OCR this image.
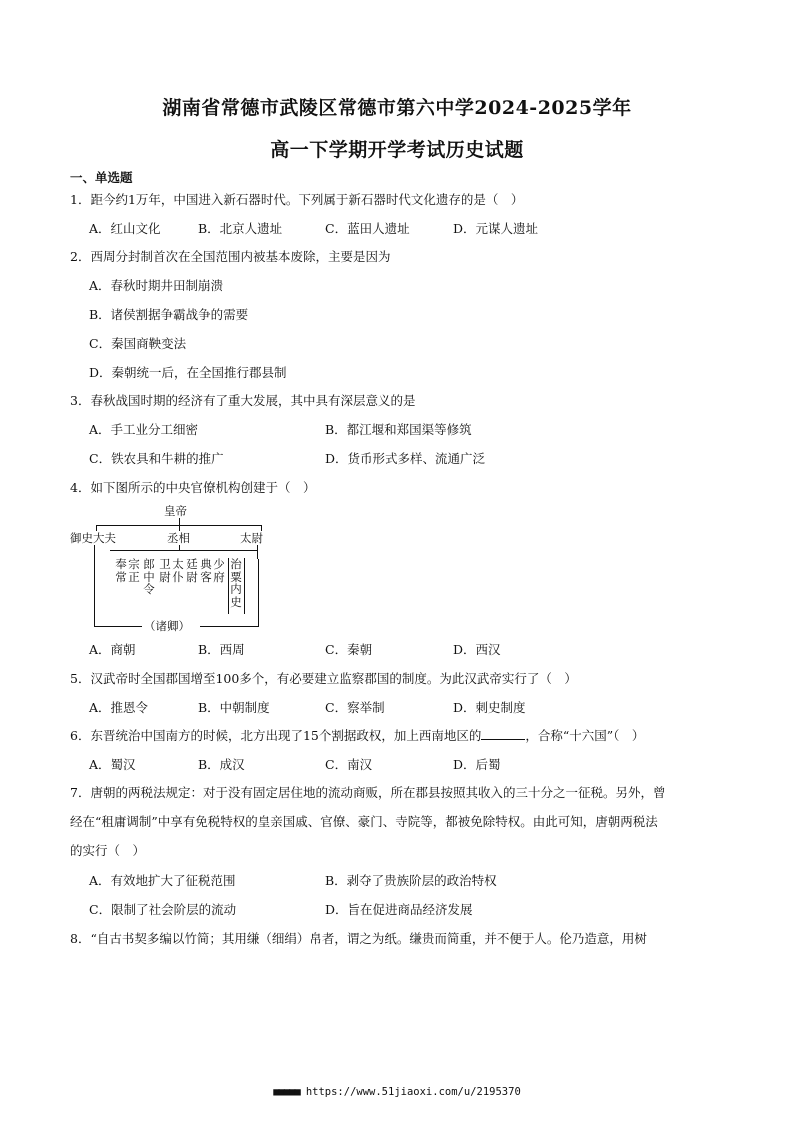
湖南省常德市武陵区常德市第六中学2024-2025学年
高一下学期开学考试历史试题
一、单选题
1．距今约1万年，中国进入新石器时代。下列属于新石器时代文化遗存的是（　）
A．红山文化	B．北京人遗址	C．蓝田人遗址	D．元谋人遗址
2．西周分封制首次在全国范围内被基本废除，主要是因为
A．春秋时期井田制崩溃
B．诸侯割据争霸战争的需要
C．秦国商鞅变法
D．秦朝统一后，在全国推行郡县制
3．春秋战国时期的经济有了重大发展，其中具有深层意义的是
A．手工业分工细密	B．都江堰和郑国渠等修筑
C．铁农具和牛耕的推广	D．货币形式多样、流通广泛
4．如下图所示的中央官僚机构创建于（　）
皇帝
御史大夫	丞相	太尉
（诸卿）
奉常
宗正
郎中令
卫尉
太仆
廷尉
典客
少府
治粟内史
A．商朝	B．西周	C．秦朝	D．西汉
5．汉武帝时全国郡国增至100多个，有必要建立监察郡国的制度。为此汉武帝实行了（　）
A．推恩令	B．中朝制度	C．察举制	D．刺史制度
6．东晋统治中国南方的时候，北方出现了15个割据政权，加上西南地区的	，合称“十六国”（　）
A．蜀汉	B．成汉	C．南汉	D．后蜀
7．唐朝的两税法规定：对于没有固定居住地的流动商贩，所在郡县按照其收入的三十分之一征税。另外，曾经在“租庸调制”中享有免税特权的皇亲国戚、官僚、豪门、寺院等，都被免除特权。由此可知，唐朝两税法的实行（　）
A．有效地扩大了征税范围	B．剥夺了贵族阶层的政治特权
C．限制了社会阶层的流动	D．旨在促进商品经济发展
8．“自古书契多编以竹简；其用缣（细绢）帛者，谓之为纸。缣贵而简重，并不便于人。伦乃造意，用树
■■■■■ https://www.51jiaoxi.com/u/2195370
